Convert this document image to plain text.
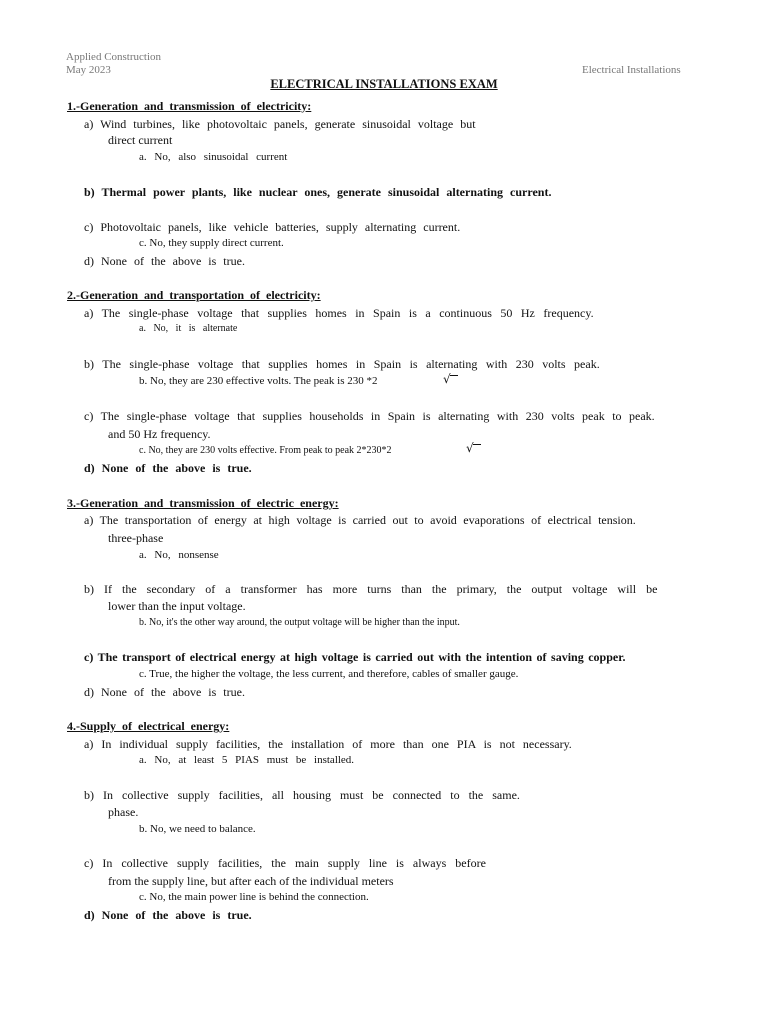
Applied Construction
May 2023	Electrical Installations
ELECTRICAL INSTALLATIONS EXAM
1.-Generation and transmission of electricity:
a) Wind turbines, like photovoltaic panels, generate sinusoidal voltage but
direct current
a. No, also sinusoidal current
b) Thermal power plants, like nuclear ones, generate sinusoidal alternating current.
c) Photovoltaic panels, like vehicle batteries, supply alternating current.
c. No, they supply direct current.
d) None of the above is true.
2.-Generation and transportation of electricity:
a) The single-phase voltage that supplies homes in Spain is a continuous 50 Hz frequency.
a. No, it is alternate
b) The single-phase voltage that supplies homes in Spain is alternating with 230 volts peak.
b. No, they are 230 effective volts. The peak is 230 *2	√
c) The single-phase voltage that supplies households in Spain is alternating with 230 volts peak to peak.
and 50 Hz frequency.
c. No, they are 230 volts effective. From peak to peak 2*230*2	√
d) None of the above is true.
3.-Generation and transmission of electric energy:
a) The transportation of energy at high voltage is carried out to avoid evaporations of electrical tension.
three-phase
a. No, nonsense
b) If the secondary of a transformer has more turns than the primary, the output voltage will be
lower than the input voltage.
b. No, it's the other way around, the output voltage will be higher than the input.
c) The transport of electrical energy at high voltage is carried out with the intention of saving copper.
c. True, the higher the voltage, the less current, and therefore, cables of smaller gauge.
d) None of the above is true.
4.-Supply of electrical energy:
a) In individual supply facilities, the installation of more than one PIA is not necessary.
a. No, at least 5 PIAS must be installed.
b) In collective supply facilities, all housing must be connected to the same.
phase.
b. No, we need to balance.
c) In collective supply facilities, the main supply line is always before
from the supply line, but after each of the individual meters
c. No, the main power line is behind the connection.
d) None of the above is true.
